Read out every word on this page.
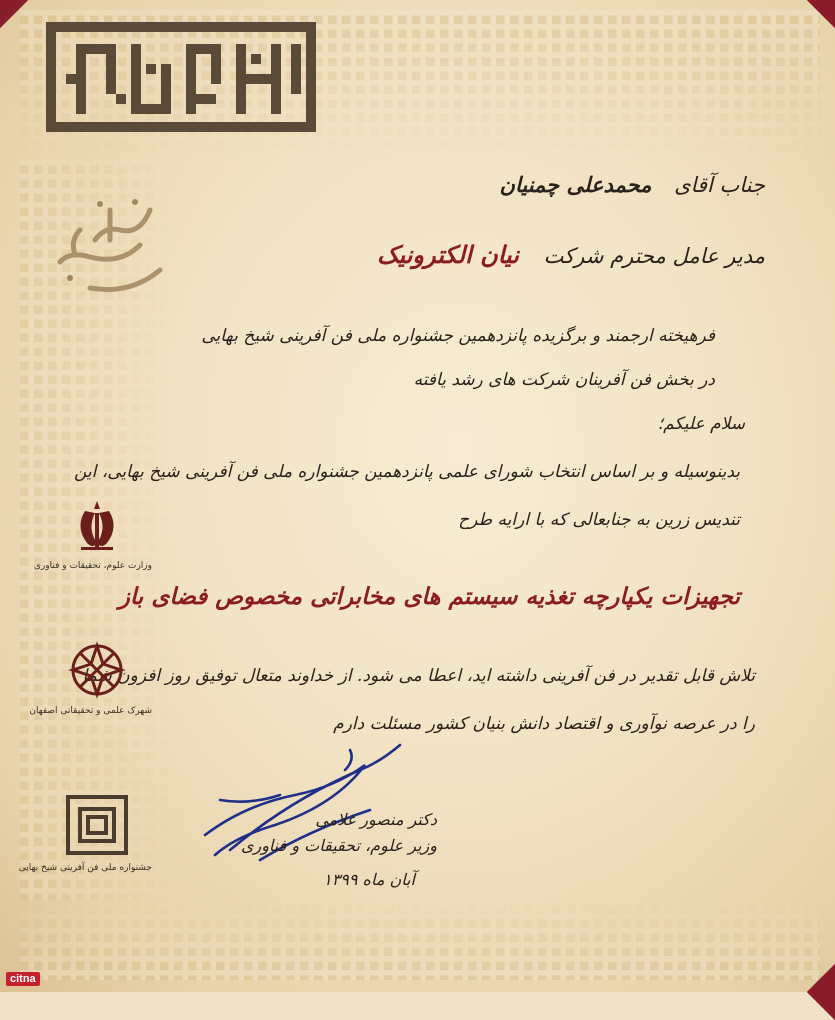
جناب آقای محمدعلی چمنیان
مدیر عامل محترم شرکت نیان الکترونیک
فرهیخته ارجمند و برگزیده پانزدهمین جشنواره ملی فن آفرینی شیخ بهایی
در بخش فن آفرینان شرکت های رشد یافته
سلام علیکم؛
بدینوسیله و بر اساس انتخاب شورای علمی پانزدهمین جشنواره ملی فن آفرینی شیخ بهایی، این
تندیس زرین به جنابعالی که با ارایه طرح
تجهیزات یکپارچه تغذیه سیستم های مخابراتی مخصوص فضای باز
تلاش قابل تقدیر در فن آفرینی داشته اید، اعطا می شود. از خداوند متعال توفیق روز افزون شما
را در عرصه نوآوری و اقتصاد دانش بنیان کشور مسئلت دارم
دکتر منصور غلامی
وزیر علوم، تحقیقات و فناوری
آبان ماه ۱۳۹۹
وزارت علوم، تحقیقات و فناوری
شهرک علمی و تحقیقاتی اصفهان
جشنواره ملی فن آفرینی شیخ بهایی
citna
